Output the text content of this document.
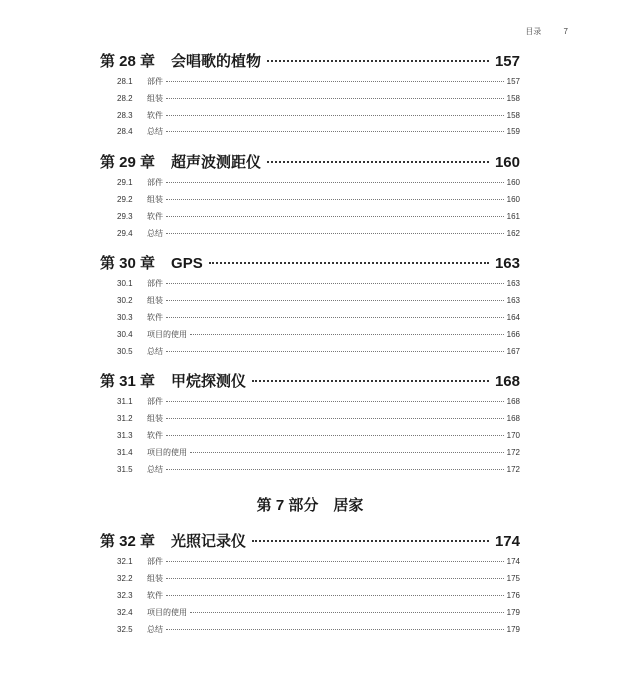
目录	7
第 28 章 会唱歌的植物	157
28.1	部件	157
28.2	组装	158
28.3	软件	158
28.4	总结	159
第 29 章 超声波测距仪	160
29.1	部件	160
29.2	组装	160
29.3	软件	161
29.4	总结	162
第 30 章 GPS	163
30.1	部件	163
30.2	组装	163
30.3	软件	164
30.4	项目的使用	166
30.5	总结	167
第 31 章 甲烷探测仪	168
31.1	部件	168
31.2	组装	168
31.3	软件	170
31.4	项目的使用	172
31.5	总结	172
第 7 部分　居家
第 32 章 光照记录仪	174
32.1	部件	174
32.2	组装	175
32.3	软件	176
32.4	项目的使用	179
32.5	总结	179
